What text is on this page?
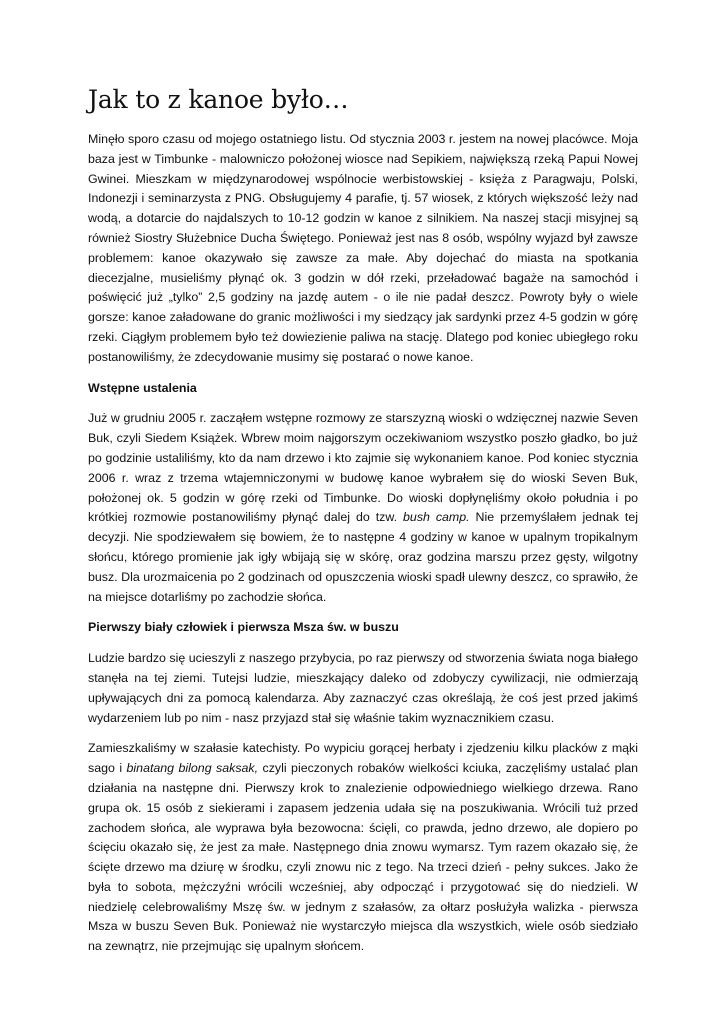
Jak to z kanoe było…

Minęło sporo czasu od mojego ostatniego listu. Od stycznia 2003 r. jestem na nowej placówce. Moja baza jest w Timbunke - malowniczo położonej wiosce nad Sepikiem, największą rzeką Papui Nowej Gwinei. Mieszkam w międzynarodowej wspólnocie werbistowskiej - księża z Paragwaju, Polski, Indonezji i seminarzysta z PNG. Obsługujemy 4 parafie, tj. 57 wiosek, z których większość leży nad wodą, a dotarcie do najdalszych to 10-12 godzin w kanoe z silnikiem. Na naszej stacji misyjnej są również Siostry Służebnice Ducha Świętego. Ponieważ jest nas 8 osób, wspólny wyjazd był zawsze problemem: kanoe okazywało się zawsze za małe. Aby dojechać do miasta na spotkania diecezjalne, musieliśmy płynąć ok. 3 godzin w dół rzeki, przeładować bagaże na samochód i poświęcić już „tylko” 2,5 godziny na jazdę autem - o ile nie padał deszcz. Powroty były o wiele gorsze: kanoe załadowane do granic możliwości i my siedzący jak sardynki przez 4-5 godzin w górę rzeki. Ciągłym problemem było też dowiezienie paliwa na stację. Dlatego pod koniec ubiegłego roku postanowiliśmy, że zdecydowanie musimy się postarać o nowe kanoe.

Wstępne ustalenia

Już w grudniu 2005 r. zacząłem wstępne rozmowy ze starszyzną wioski o wdzięcznej nazwie Seven Buk, czyli Siedem Książek. Wbrew moim najgorszym oczekiwaniom wszystko poszło gładko, bo już po godzinie ustaliliśmy, kto da nam drzewo i kto zajmie się wykonaniem kanoe. Pod koniec stycznia 2006 r. wraz z trzema wtajemniczonymi w budowę kanoe wybrałem się do wioski Seven Buk, położonej ok. 5 godzin w górę rzeki od Timbunke. Do wioski dopłynęliśmy około południa i po krótkiej rozmowie postanowiliśmy płynąć dalej do tzw. bush camp. Nie przemyślałem jednak tej decyzji. Nie spodziewałem się bowiem, że to następne 4 godziny w kanoe w upalnym tropikalnym słońcu, którego promienie jak igły wbijają się w skórę, oraz godzina marszu przez gęsty, wilgotny busz. Dla urozmaicenia po 2 godzinach od opuszczenia wioski spadł ulewny deszcz, co sprawiło, że na miejsce dotarliśmy po zachodzie słońca.

Pierwszy biały człowiek i pierwsza Msza św. w buszu

Ludzie bardzo się ucieszyli z naszego przybycia, po raz pierwszy od stworzenia świata noga białego stanęła na tej ziemi. Tutejsi ludzie, mieszkający daleko od zdobyczy cywilizacji, nie odmierzają upływających dni za pomocą kalendarza. Aby zaznaczyć czas określają, że coś jest przed jakimś wydarzeniem lub po nim - nasz przyjazd stał się właśnie takim wyznacznikiem czasu.

Zamieszkaliśmy w szałasie katechisty. Po wypiciu gorącej herbaty i zjedzeniu kilku placków z mąki sago i binatang bilong saksak, czyli pieczonych robaków wielkości kciuka, zaczęliśmy ustalać plan działania na następne dni. Pierwszy krok to znalezienie odpowiedniego wielkiego drzewa. Rano grupa ok. 15 osób z siekierami i zapasem jedzenia udała się na poszukiwania. Wrócili tuż przed zachodem słońca, ale wyprawa była bezowocna: ścięli, co prawda, jedno drzewo, ale dopiero po ścięciu okazało się, że jest za małe. Następnego dnia znowu wymarsz. Tym razem okazało się, że ścięte drzewo ma dziurę w środku, czyli znowu nic z tego. Na trzeci dzień - pełny sukces. Jako że była to sobota, mężczyźni wrócili wcześniej, aby odpocząć i przygotować się do niedzieli. W niedzielę celebrowaliśmy Mszę św. w jednym z szałasów, za ołtarz posłużyła walizka - pierwsza Msza w buszu Seven Buk. Ponieważ nie wystarczyło miejsca dla wszystkich, wiele osób siedziało na zewnątrz, nie przejmując się upalnym słońcem.
